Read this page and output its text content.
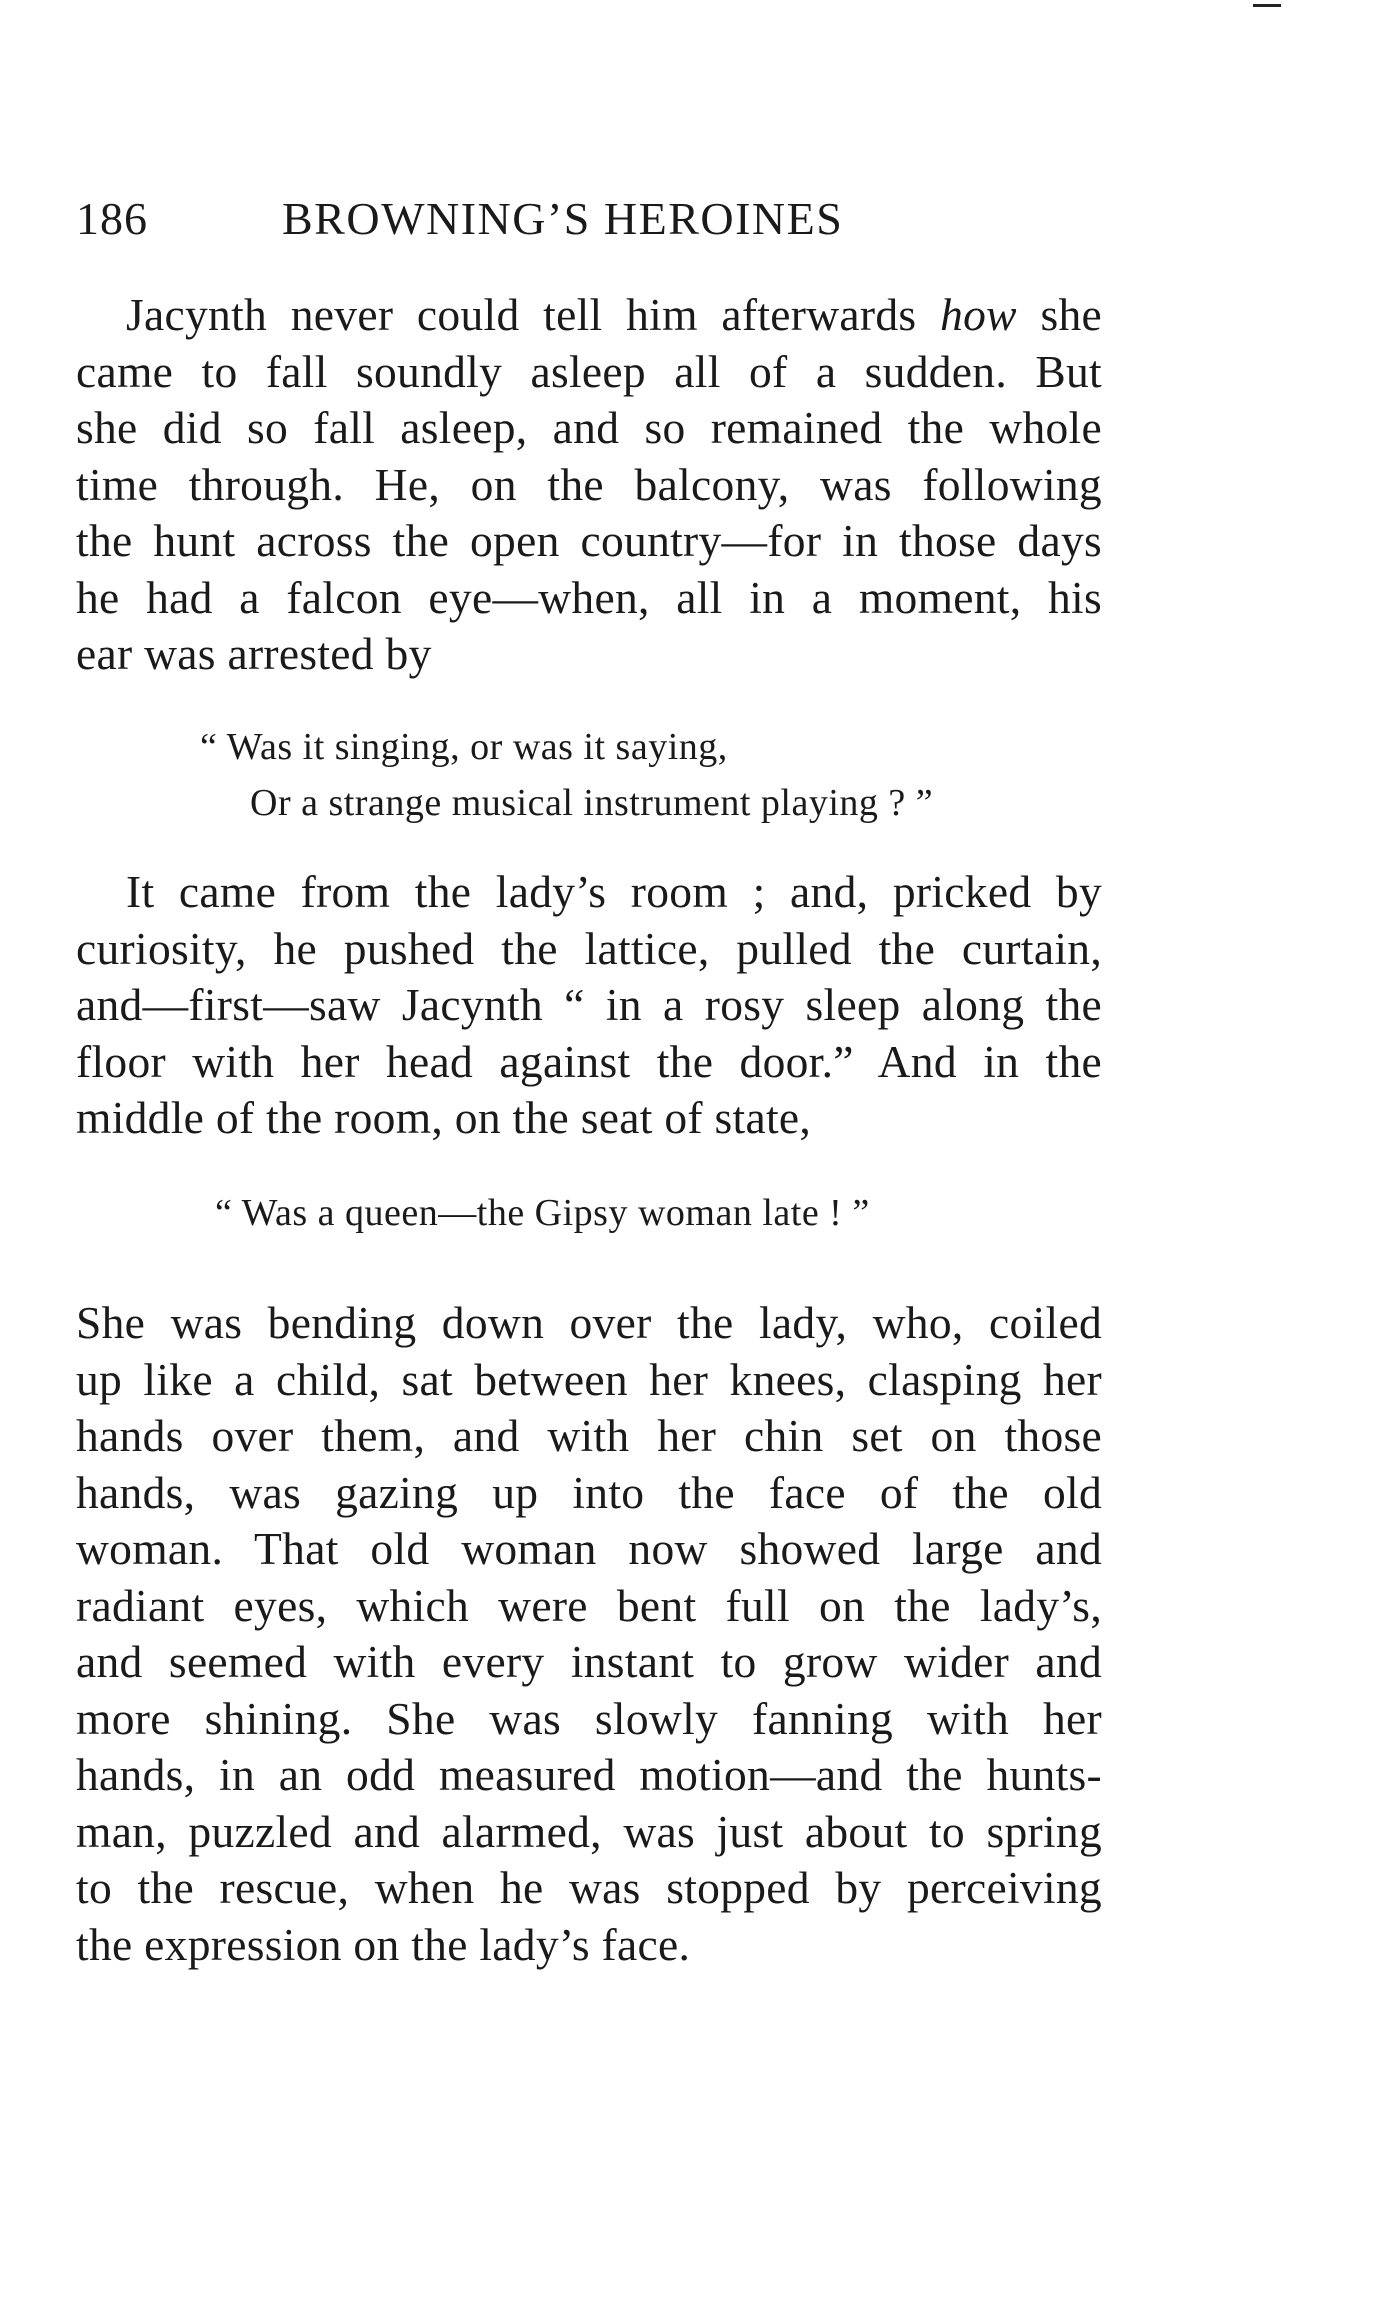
186	BROWNING’S HEROINES
Jacynth never could tell him afterwards how she
came to fall soundly asleep all of a sudden. But
she did so fall asleep, and so remained the whole
time through. He, on the balcony, was following
the hunt across the open country—for in those days
he had a falcon eye—when, all in a moment, his
ear was arrested by
“ Was it singing, or was it saying,
Or a strange musical instrument playing ? ”
It came from the lady’s room ; and, pricked by
curiosity, he pushed the lattice, pulled the curtain,
and—first—saw Jacynth “ in a rosy sleep along the
floor with her head against the door.” And in the
middle of the room, on the seat of state,
“ Was a queen—the Gipsy woman late ! ”
She was bending down over the lady, who, coiled
up like a child, sat between her knees, clasping her
hands over them, and with her chin set on those
hands, was gazing up into the face of the old
woman. That old woman now showed large and
radiant eyes, which were bent full on the lady’s,
and seemed with every instant to grow wider and
more shining. She was slowly fanning with her
hands, in an odd measured motion—and the hunts-
man, puzzled and alarmed, was just about to spring
to the rescue, when he was stopped by perceiving
the expression on the lady’s face.
